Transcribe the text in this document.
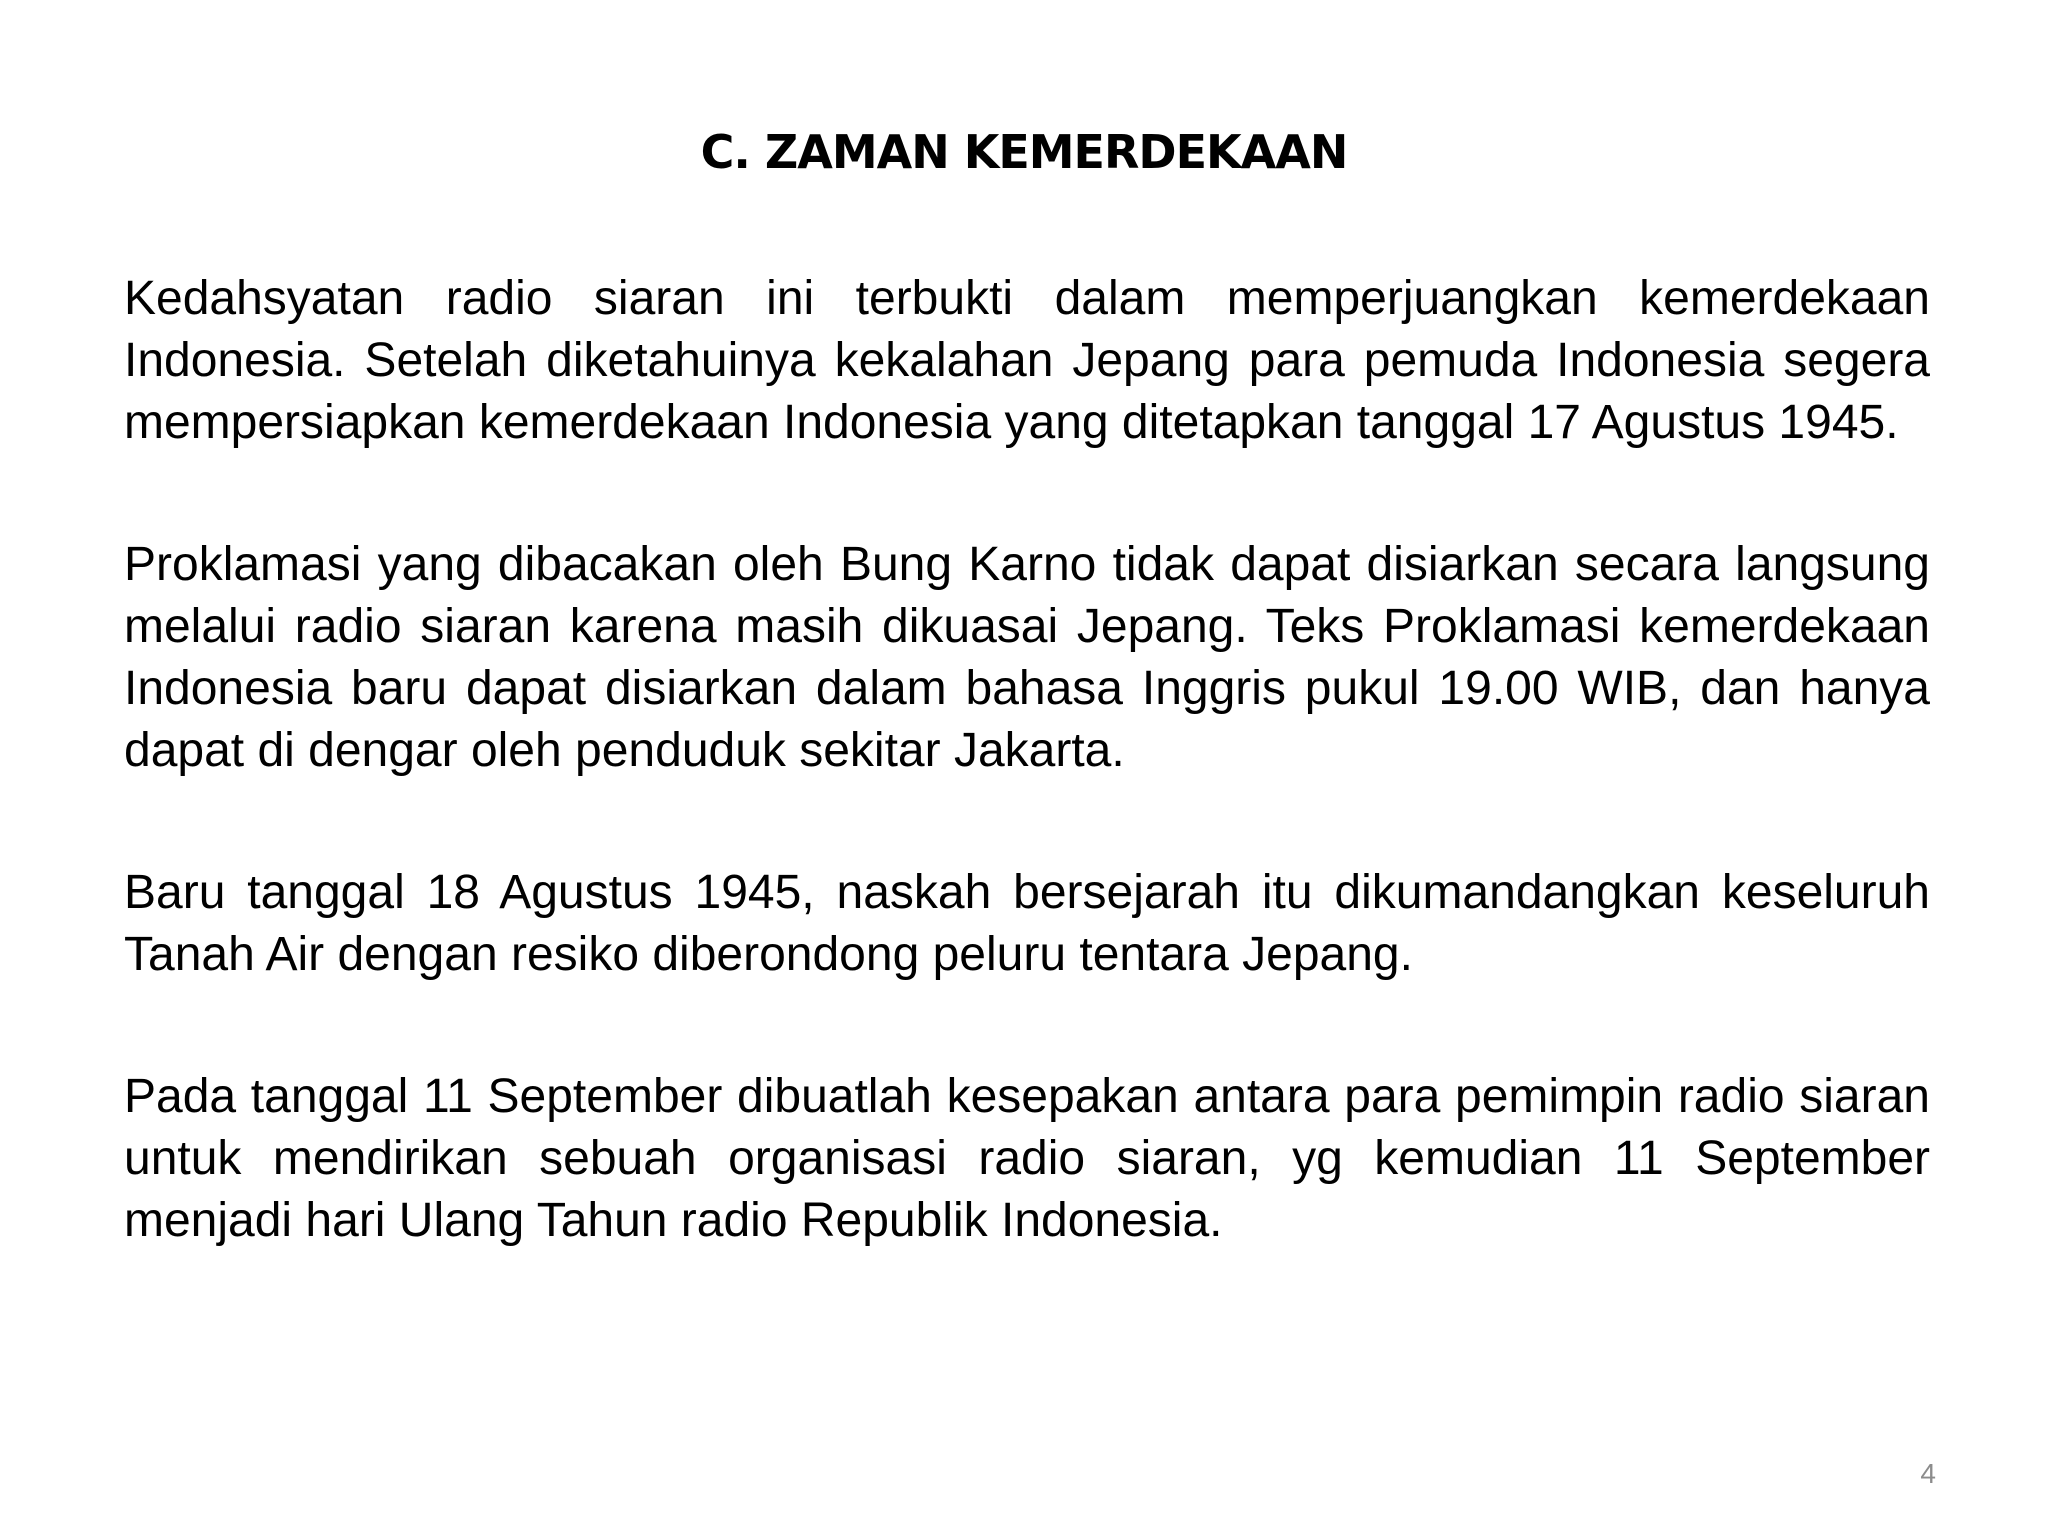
C. ZAMAN KEMERDEKAAN

Kedahsyatan radio siaran ini terbukti dalam memperjuangkan kemerdekaan Indonesia. Setelah diketahuinya kekalahan Jepang para pemuda Indonesia segera mempersiapkan kemerdekaan Indonesia yang ditetapkan tanggal 17 Agustus 1945.

Proklamasi yang dibacakan oleh Bung Karno tidak dapat disiarkan secara langsung melalui radio siaran karena masih dikuasai Jepang. Teks Proklamasi kemerdekaan Indonesia baru dapat disiarkan dalam bahasa Inggris pukul 19.00 WIB, dan hanya dapat di dengar oleh penduduk sekitar Jakarta.

Baru tanggal 18 Agustus 1945, naskah bersejarah itu dikumandangkan keseluruh Tanah Air dengan resiko diberondong peluru tentara Jepang.

Pada tanggal 11 September dibuatlah kesepakan antara para pemimpin radio siaran untuk mendirikan sebuah organisasi radio siaran, yg kemudian 11 September menjadi hari Ulang Tahun radio Republik Indonesia.

4
